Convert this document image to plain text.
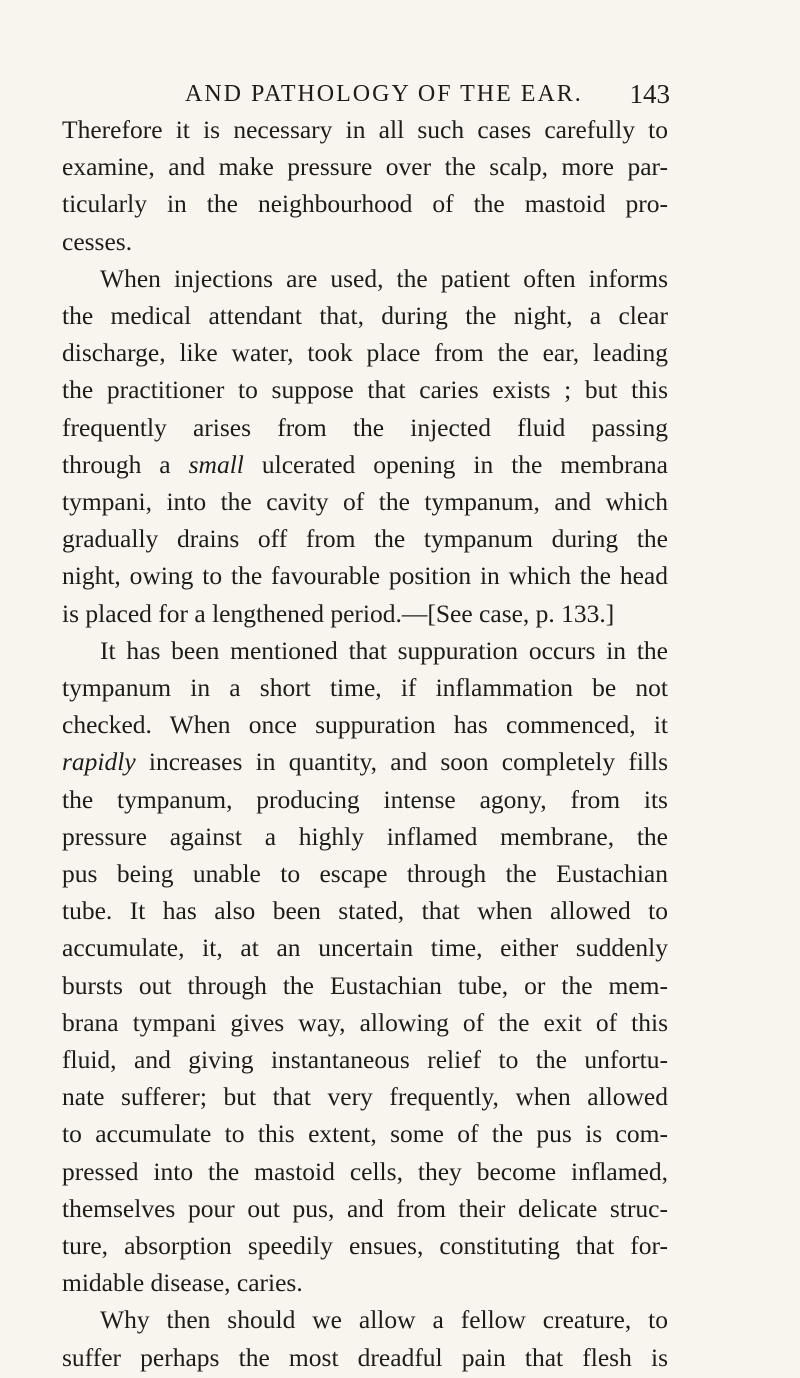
AND PATHOLOGY OF THE EAR. 143
Therefore it is necessary in all such cases carefully to
examine, and make pressure over the scalp, more par-
ticularly in the neighbourhood of the mastoid pro-
cesses.
When injections are used, the patient often informs
the medical attendant that, during the night, a clear
discharge, like water, took place from the ear, leading
the practitioner to suppose that caries exists ; but this
frequently arises from the injected fluid passing
through a small ulcerated opening in the membrana
tympani, into the cavity of the tympanum, and which
gradually drains off from the tympanum during the
night, owing to the favourable position in which the head
is placed for a lengthened period.—[See case, p. 133.]
It has been mentioned that suppuration occurs in the
tympanum in a short time, if inflammation be not
checked. When once suppuration has commenced, it
rapidly increases in quantity, and soon completely fills
the tympanum, producing intense agony, from its
pressure against a highly inflamed membrane, the
pus being unable to escape through the Eustachian
tube. It has also been stated, that when allowed to
accumulate, it, at an uncertain time, either suddenly
bursts out through the Eustachian tube, or the mem-
brana tympani gives way, allowing of the exit of this
fluid, and giving instantaneous relief to the unfortu-
nate sufferer; but that very frequently, when allowed
to accumulate to this extent, some of the pus is com-
pressed into the mastoid cells, they become inflamed,
themselves pour out pus, and from their delicate struc-
ture, absorption speedily ensues, constituting that for-
midable disease, caries.
Why then should we allow a fellow creature, to
suffer perhaps the most dreadful pain that flesh is
